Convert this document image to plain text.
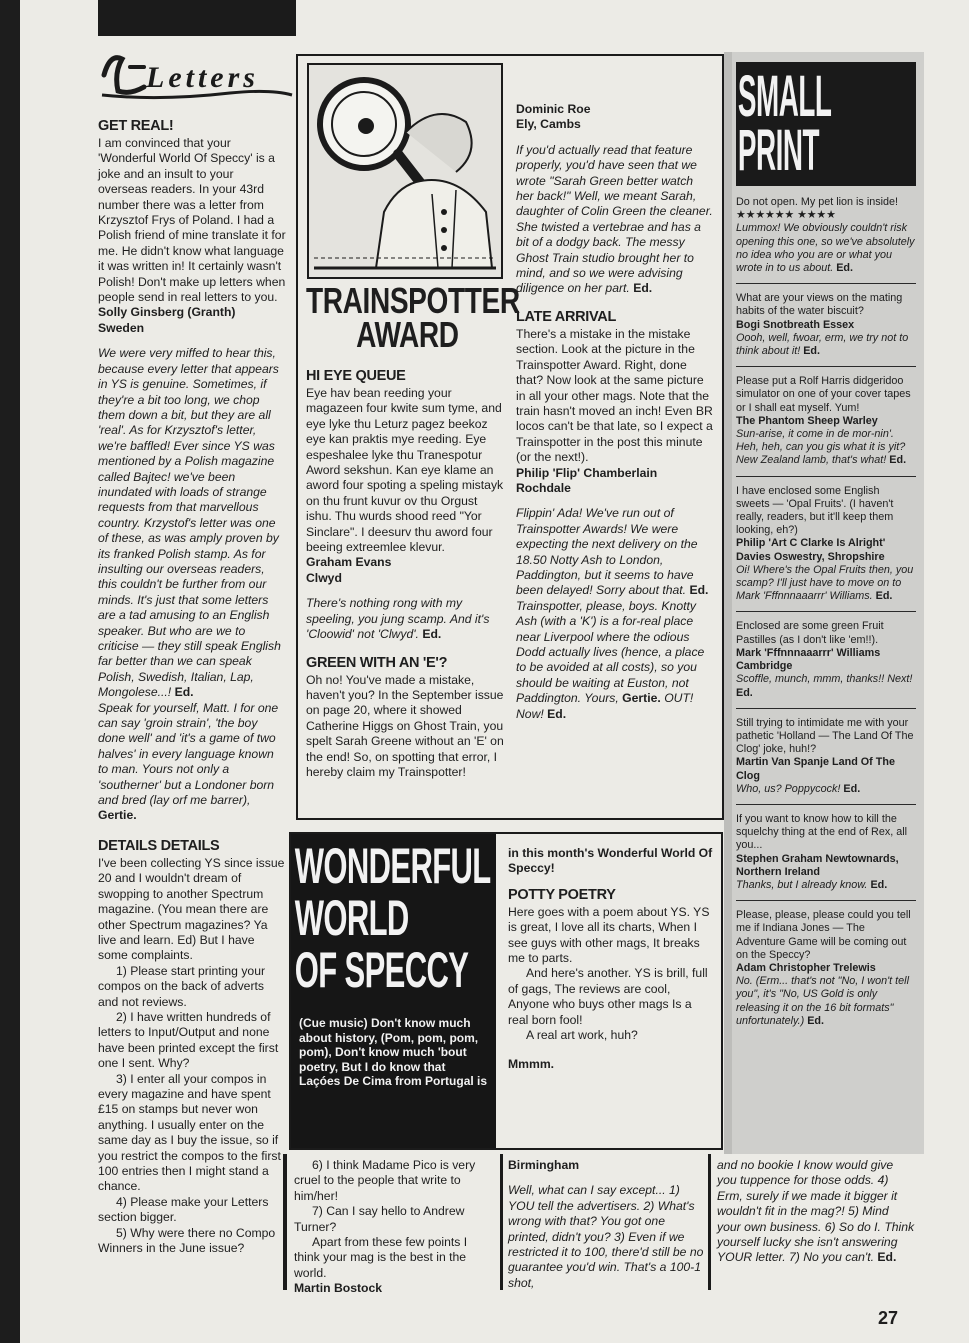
Letters
GET REAL!

I am convinced that your 'Wonderful World Of Speccy' is a joke and an insult to your overseas readers. In your 43rd number there was a letter from Krzysztof Frys of Poland. I had a Polish friend of mine translate it for me. He didn't know what language it was written in! It certainly wasn't Polish! Don't make up letters when people send in real letters to you.

Solly Ginsberg (Granth)

Sweden

We were very miffed to hear this, because every letter that appears in YS is genuine. Sometimes, if they're a bit too long, we chop them down a bit, but they are all 'real'. As for Krzysztof's letter, we're baffled! Ever since YS was mentioned by a Polish magazine called Bajtec! we've been inundated with loads of strange requests from that marvellous country. Krzystof's letter was one of these, as was amply proven by its franked Polish stamp. As for insulting our overseas readers, this couldn't be further from our minds. It's just that some letters are a tad amusing to an English speaker. But who are we to criticise — they still speak English far better than we can speak Polish, Swedish, Italian, Lap, Mongolese...! Ed.

Speak for yourself, Matt. I for one can say 'groin strain', 'the boy done well' and 'it's a game of two halves' in every language known to man. Yours not only a 'southerner' but a Londoner born and bred (lay orf me barrer), Gertie.

DETAILS DETAILS

I've been collecting YS since issue 20 and I wouldn't dream of swopping to another Spectrum magazine. (You mean there are other Spectrum magazines? Ya live and learn. Ed) But I have some complaints.

1) Please start printing your compos on the back of adverts and not reviews.

2) I have written hundreds of letters to Input/Output and none have been printed except the first one I sent. Why?

3) I enter all your compos in every magazine and have spent £15 on stamps but never won anything. I usually enter on the same day as I buy the issue, so if you restrict the compos to the first 100 entries then I might stand a chance.

4) Please make your Letters section bigger.

5) Why were there no Compo Winners in the June issue?

TRAINSPOTTER
AWARD
HI EYE QUEUE

Eye hav bean reeding your magazeen four kwite sum tyme, and eye lyke thu Leturz pagez beekoz eye kan praktis mye reeding. Eye espeshalee lyke thu Tranespotur Aword sekshun. Kan eye klame an aword four spoting a speling mistayk on thu frunt kuvur ov thu Orgust ishu. Thu wurds shood reed "Yor Sinclare". I deesurv thu aword four beeing extreemlee klevur.

Graham Evans

Clwyd

There's nothing rong with my speeling, you jung scamp. And it's 'Cloowid' not 'Clwyd'. Ed.

GREEN WITH AN 'E'?

Oh no! You've made a mistake, haven't you? In the September issue on page 20, where it showed Catherine Higgs on Ghost Train, you spelt Sarah Greene without an 'E' on the end! So, on spotting that error, I hereby claim my Trainspotter!

Dominic Roe

Ely, Cambs

If you'd actually read that feature properly, you'd have seen that we wrote "Sarah Green better watch her back!" Well, we meant Sarah, daughter of Colin Green the cleaner. She twisted a vertebrae and has a bit of a dodgy back. The messy Ghost Train studio brought her to mind, and so we were advising diligence on her part. Ed.

LATE ARRIVAL

There's a mistake in the mistake section. Look at the picture in the Trainspotter Award. Right, done that? Now look at the same picture in all your other mags. Note that the train hasn't moved an inch! Even BR locos can't be that late, so I expect a Trainspotter in the post this minute (or the next!).

Philip 'Flip' Chamberlain

Rochdale

Flippin' Ada! We've run out of Trainspotter Awards! We were expecting the next delivery on the 18.50 Notty Ash to London, Paddington, but it seems to have been delayed! Sorry about that. Ed.

Trainspotter, please, boys. Knotty Ash (with a 'K') is a for-real place near Liverpool where the odious Dodd actually lives (hence, a place to be avoided at all costs), so you should be waiting at Euston, not Paddington. Yours, Gertie. OUT! Now! Ed.

WONDERFUL
WORLD
OF SPECCY

(Cue music) Don't know much about history, (Pom, pom, pom, pom), Don't know much 'bout poetry, But I do know that Laçóes De Cima from Portugal is

in this month's Wonderful World Of Speccy!

POTTY POETRY

Here goes with a poem about YS. YS is great, I love all its charts, When I see guys with other mags, It breaks me to parts.

And here's another. YS is brill, full of gags, The reviews are cool, Anyone who buys other mags Is a real born fool!

A real art work, huh?

Mmmm.

6) I think Madame Pico is very cruel to the people that write to him/her!

7) Can I say hello to Andrew Turner?

Apart from these few points I think your mag is the best in the world.

Martin Bostock

Birmingham

Well, what can I say except... 1) YOU tell the advertisers. 2) What's wrong with that? You got one printed, didn't you? 3) Even if we restricted it to 100, there'd still be no guarantee you'd win. That's a 100-1 shot,

and no bookie I know would give you tuppence for those odds. 4) Erm, surely if we made it bigger it wouldn't fit in the mag?! 5) Mind your own business. 6) So do I. Think yourself lucky she isn't answering YOUR letter. 7) No you can't. Ed.

SMALL PRINT

Do not open. My pet lion is inside! ★★★★★★ ★★★★

Lummox! We obviously couldn't risk opening this one, so we've absolutely no idea who you are or what you wrote in to us about. Ed.

What are your views on the mating habits of the water biscuit?

Bogi Snotbreath Essex

Oooh, well, fwoar, erm, we try not to think about it! Ed.

Please put a Rolf Harris didgeridoo simulator on one of your cover tapes or I shall eat myself. Yum!

The Phantom Sheep Warley

Sun-arise, it come in de mor-nin'. Heh, heh, can you gis what it is yit? New Zealand lamb, that's what! Ed.

I have enclosed some English sweets — 'Opal Fruits'. (I haven't really, readers, but it'll keep them looking, eh?)

Philip 'Art C Clarke Is Alright' Davies Oswestry, Shropshire

Oi! Where's the Opal Fruits then, you scamp? I'll just have to move on to Mark 'Fffnnnaaarrr' Williams. Ed.

Enclosed are some green Fruit Pastilles (as I don't like 'em!!).

Mark 'Fffnnnaaarrr' Williams Cambridge

Scoffle, munch, mmm, thanks!! Next! Ed.

Still trying to intimidate me with your pathetic 'Holland — The Land Of The Clog' joke, huh!?

Martin Van Spanje Land Of The Clog

Who, us? Poppycock! Ed.

If you want to know how to kill the squelchy thing at the end of Rex, all you...

Stephen Graham Newtownards, Northern Ireland

Thanks, but I already know. Ed.

Please, please, please could you tell me if Indiana Jones — The Adventure Game will be coming out on the Speccy?

Adam Christopher Trelewis

No. (Erm... that's not "No, I won't tell you", it's "No, US Gold is only releasing it on the 16 bit formats" unfortunately.) Ed.

27
